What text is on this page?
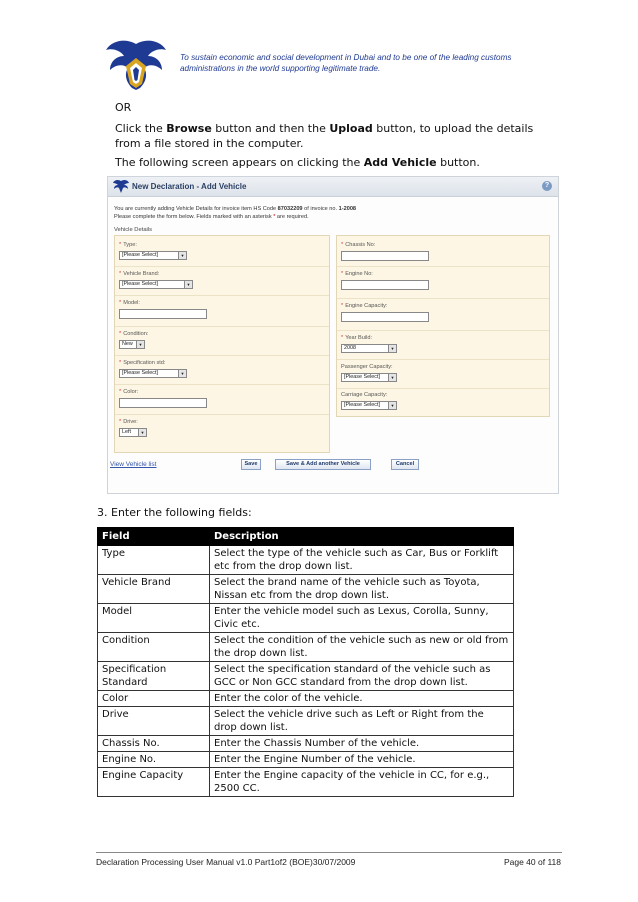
To sustain economic and social development in Dubai and to be one of the leading customs administrations in the world supporting legitimate trade.
OR
Click the Browse button and then the Upload button, to upload the details from a file stored in the computer.
The following screen appears on clicking the Add Vehicle button.
New Declaration - Add Vehicle	?
You are currently adding Vehicle Details for invoice item HS Code 87032209 of invoice no. 1-2008
Please complete the form below. Fields marked with an asterisk * are required.
Vehicle Details
* Type:
[Please Select]	▼
* Vehicle Brand:
[Please Select]	▼
* Model:
* Condition:
New	▼
* Specification std:
[Please Select]	▼
* Color:
* Drive:
Left	▼
* Chassis No:
* Engine No:
* Engine Capacity:
* Year Build:
2008	▼
Passenger Capacity:
[Please Select]	▼
Carriage Capacity:
[Please Select]	▼
View Vehicle list	Save	Save & Add another Vehicle	Cancel
3. Enter the following fields:
Field	Description
Type	Select the type of the vehicle such as Car, Bus or Forklift etc from the drop down list.
Vehicle Brand	Select the brand name of the vehicle such as Toyota, Nissan etc from the drop down list.
Model	Enter the vehicle model such as Lexus, Corolla, Sunny, Civic etc.
Condition	Select the condition of the vehicle such as new or old from the drop down list.
Specification Standard	Select the specification standard of the vehicle such as GCC or Non GCC standard from the drop down list.
Color	Enter the color of the vehicle.
Drive	Select the vehicle drive such as Left or Right from the drop down list.
Chassis No.	Enter the Chassis Number of the vehicle.
Engine No.	Enter the Engine Number of the vehicle.
Engine Capacity	Enter the Engine capacity of the vehicle in CC, for e.g., 2500 CC.
Declaration Processing User Manual v1.0 Part1of2 (BOE)30/07/2009	Page 40 of 118
